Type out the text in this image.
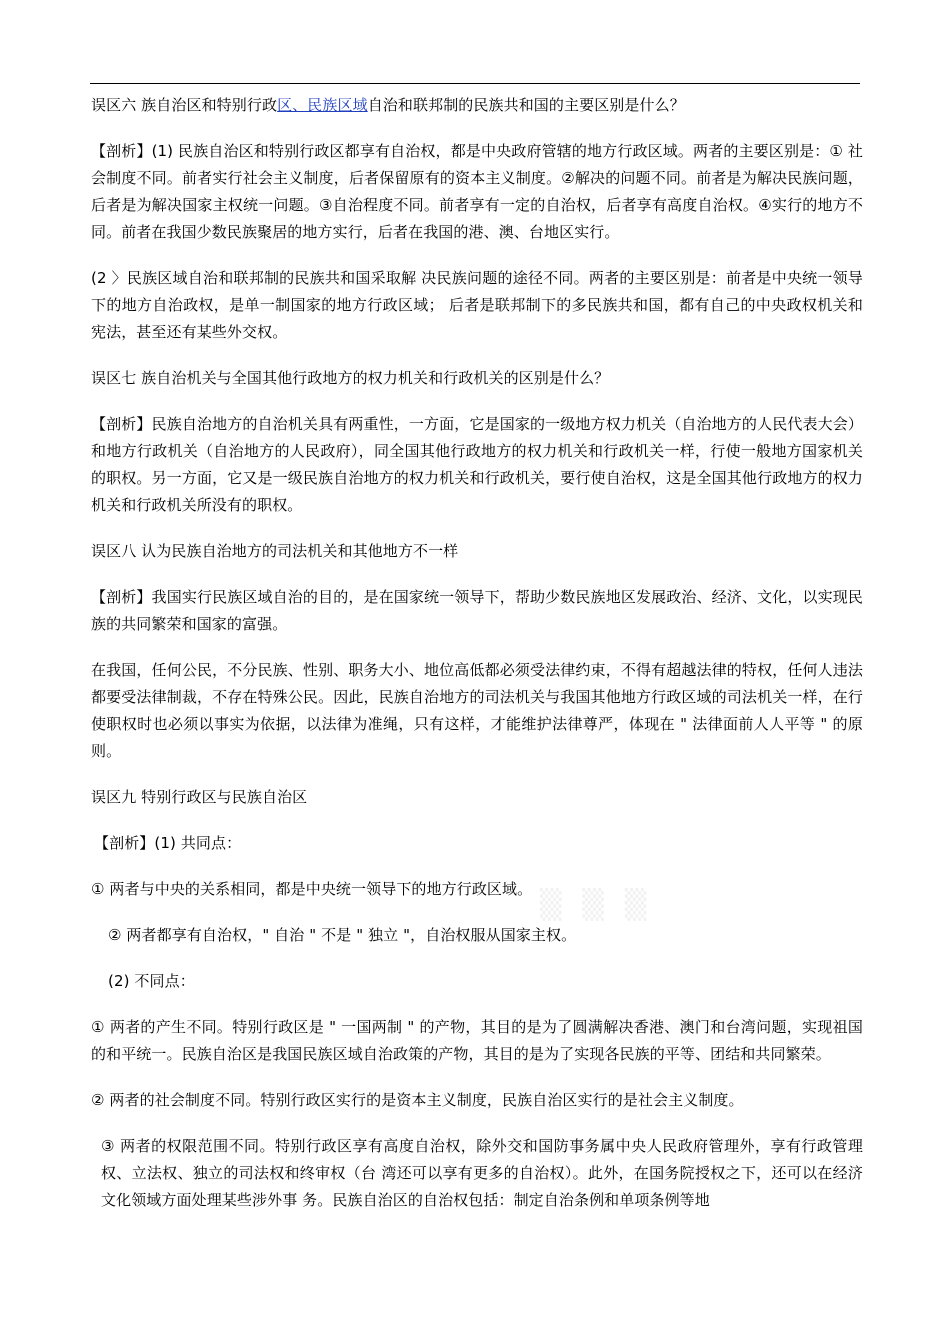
▒ ▒ ▒

误区六 族自治区和特别行政区、民族区域自治和联邦制的民族共和国的主要区别是什么？

【剖析】(1) 民族自治区和特别行政区都享有自治权，都是中央政府管辖的地方行政区域。两者的主要区别是：① 社会制度不同。前者实行社会主义制度，后者保留原有的资本主义制度。②解决的问题不同。前者是为解决民族问题，后者是为解决国家主权统一问题。③自治程度不同。前者享有一定的自治权，后者享有高度自治权。④实行的地方不同。前者在我国少数民族聚居的地方实行，后者在我国的港、澳、台地区实行。

(2 〉民族区域自治和联邦制的民族共和国采取解 决民族问题的途径不同。两者的主要区别是：前者是中央统一领导下的地方自治政权，是单一制国家的地方行政区域； 后者是联邦制下的多民族共和国，都有自己的中央政权机关和宪法，甚至还有某些外交权。

误区七 族自治机关与全国其他行政地方的权力机关和行政机关的区别是什么？

【剖析】民族自治地方的自治机关具有两重性，一方面，它是国家的一级地方权力机关（自治地方的人民代表大会）和地方行政机关（自治地方的人民政府），同全国其他行政地方的权力机关和行政机关一样，行使一般地方国家机关的职权。另一方面，它又是一级民族自治地方的权力机关和行政机关，要行使自治权，这是全国其他行政地方的权力机关和行政机关所没有的职权。

误区八 认为民族自治地方的司法机关和其他地方不一样

【剖析】我国实行民族区域自治的目的，是在国家统一领导下，帮助少数民族地区发展政治、经济、文化，以实现民族的共同繁荣和国家的富强。

在我国，任何公民，不分民族、性别、职务大小、地位高低都必须受法律约束，不得有超越法律的特权，任何人违法都要受法律制裁，不存在特殊公民。因此，民族自治地方的司法机关与我国其他地方行政区域的司法机关一样，在行使职权时也必须以事实为依据，以法律为准绳，只有这样，才能维护法律尊严，体现在 " 法律面前人人平等 " 的原则。

误区九 特别行政区与民族自治区

【剖析】(1) 共同点：

① 两者与中央的关系相同，都是中央统一领导下的地方行政区域。

② 两者都享有自治权，" 自治 " 不是 " 独立 "，自治权服从国家主权。

(2) 不同点：

① 两者的产生不同。特别行政区是 " 一国两制 " 的产物，其目的是为了圆满解决香港、澳门和台湾问题，实现祖国的和平统一。民族自治区是我国民族区域自治政策的产物，其目的是为了实现各民族的平等、团结和共同繁荣。

② 两者的社会制度不同。特别行政区实行的是资本主义制度，民族自治区实行的是社会主义制度。

③ 两者的权限范围不同。特别行政区享有高度自治权，除外交和国防事务属中央人民政府管理外，享有行政管理权、立法权、独立的司法权和终审权（台 湾还可以享有更多的自治权）。此外，在国务院授权之下，还可以在经济文化领域方面处理某些涉外事 务。民族自治区的自治权包括：制定自治条例和单项条例等地
